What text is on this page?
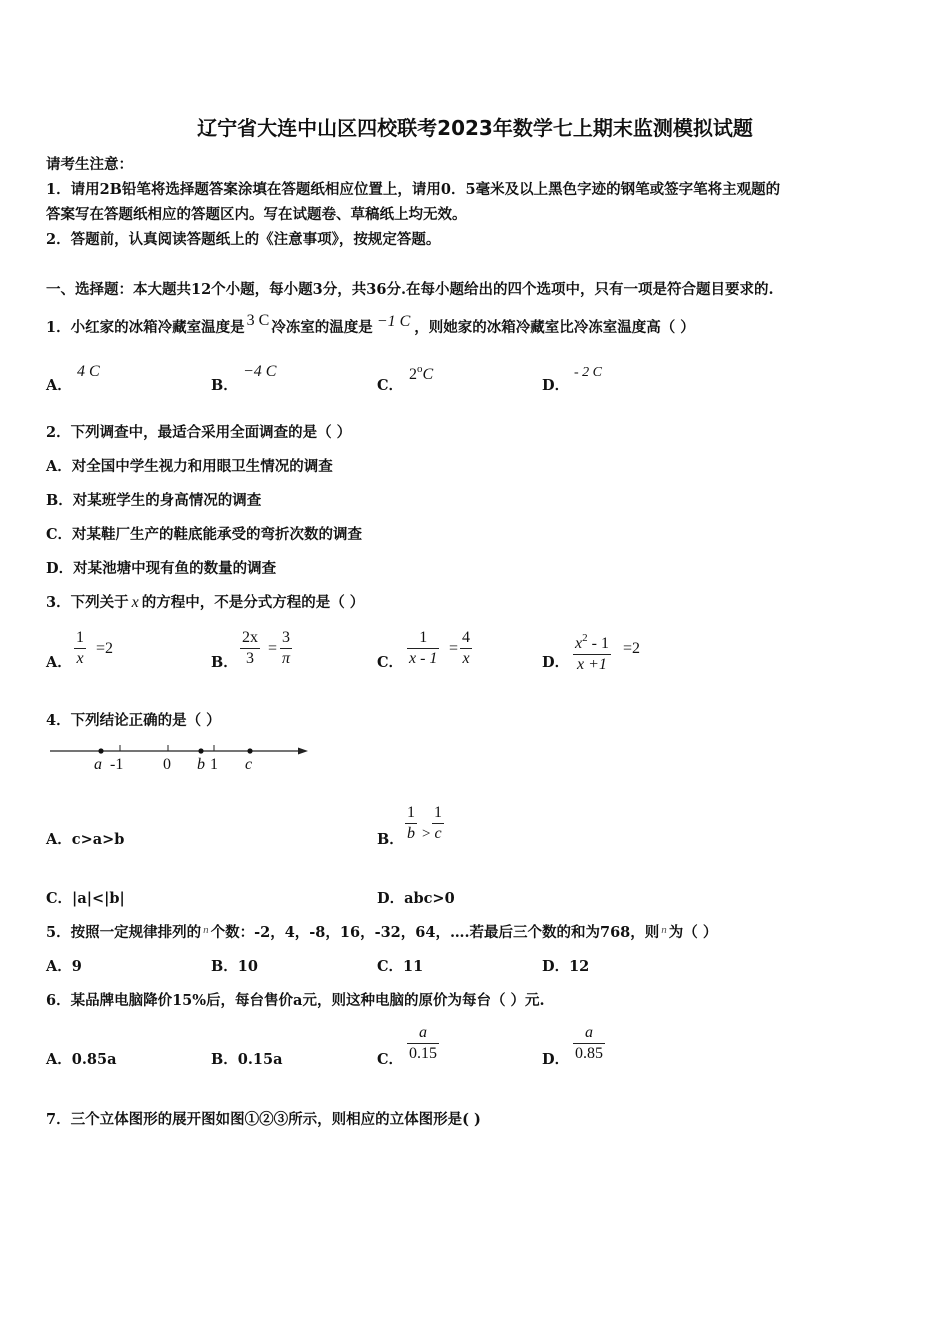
辽宁省大连中山区四校联考2023年数学七上期末监测模拟试题
请考生注意：
1．请用2B铅笔将选择题答案涂填在答题纸相应位置上，请用0．5毫米及以上黑色字迹的钢笔或签字笔将主观题的
答案写在答题纸相应的答题区内。写在试题卷、草稿纸上均无效。
2．答题前，认真阅读答题纸上的《注意事项》，按规定答题。
一、选择题：本大题共12个小题，每小题3分，共36分.在每小题给出的四个选项中，只有一项是符合题目要求的.
1．小红家的冰箱冷藏室温度是 3 C 冷冻室的温度是 −1 C ，则她家的冰箱冷藏室比冷冻室温度高（ ）
A．
4 C
B．
−4 C
C．
2$^o$C
D．
- 2 C
2．下列调查中，最适合采用全面调查的是（ ）
A．对全国中学生视力和用眼卫生情况的调查
B．对某班学生的身高情况的调查
C．对某鞋厂生产的鞋底能承受的弯折次数的调查
D．对某池塘中现有鱼的数量的调查
3．下列关于 x 的方程中，不是分式方程的是（ ）
A．
1
x
=2
B．
2x
3
=
3
π	C．
1
x - 1
=
4
x	D．
$x^2 - 1$
x +1
=2
4．下列结论正确的是（ ）
a -1 0 b 1 c
A．c>a>b	B．
1
b >
1
c
C．|a|<|b|	D．abc>0
5．按照一定规律排列的 $^n$ 个数：-2，4，-8，16，-32，64，….若最后三个数的和为768，则 $^n$ 为（ ）
A．9	B．10	C．11	D．12
6．某品牌电脑降价15%后，每台售价a元，则这种电脑的原价为每台（ ）元.
A．0.85a	B．0.15a	C．
a
0.15	D．
a
0.85
7．三个立体图形的展开图如图①②③所示，则相应的立体图形是( )
